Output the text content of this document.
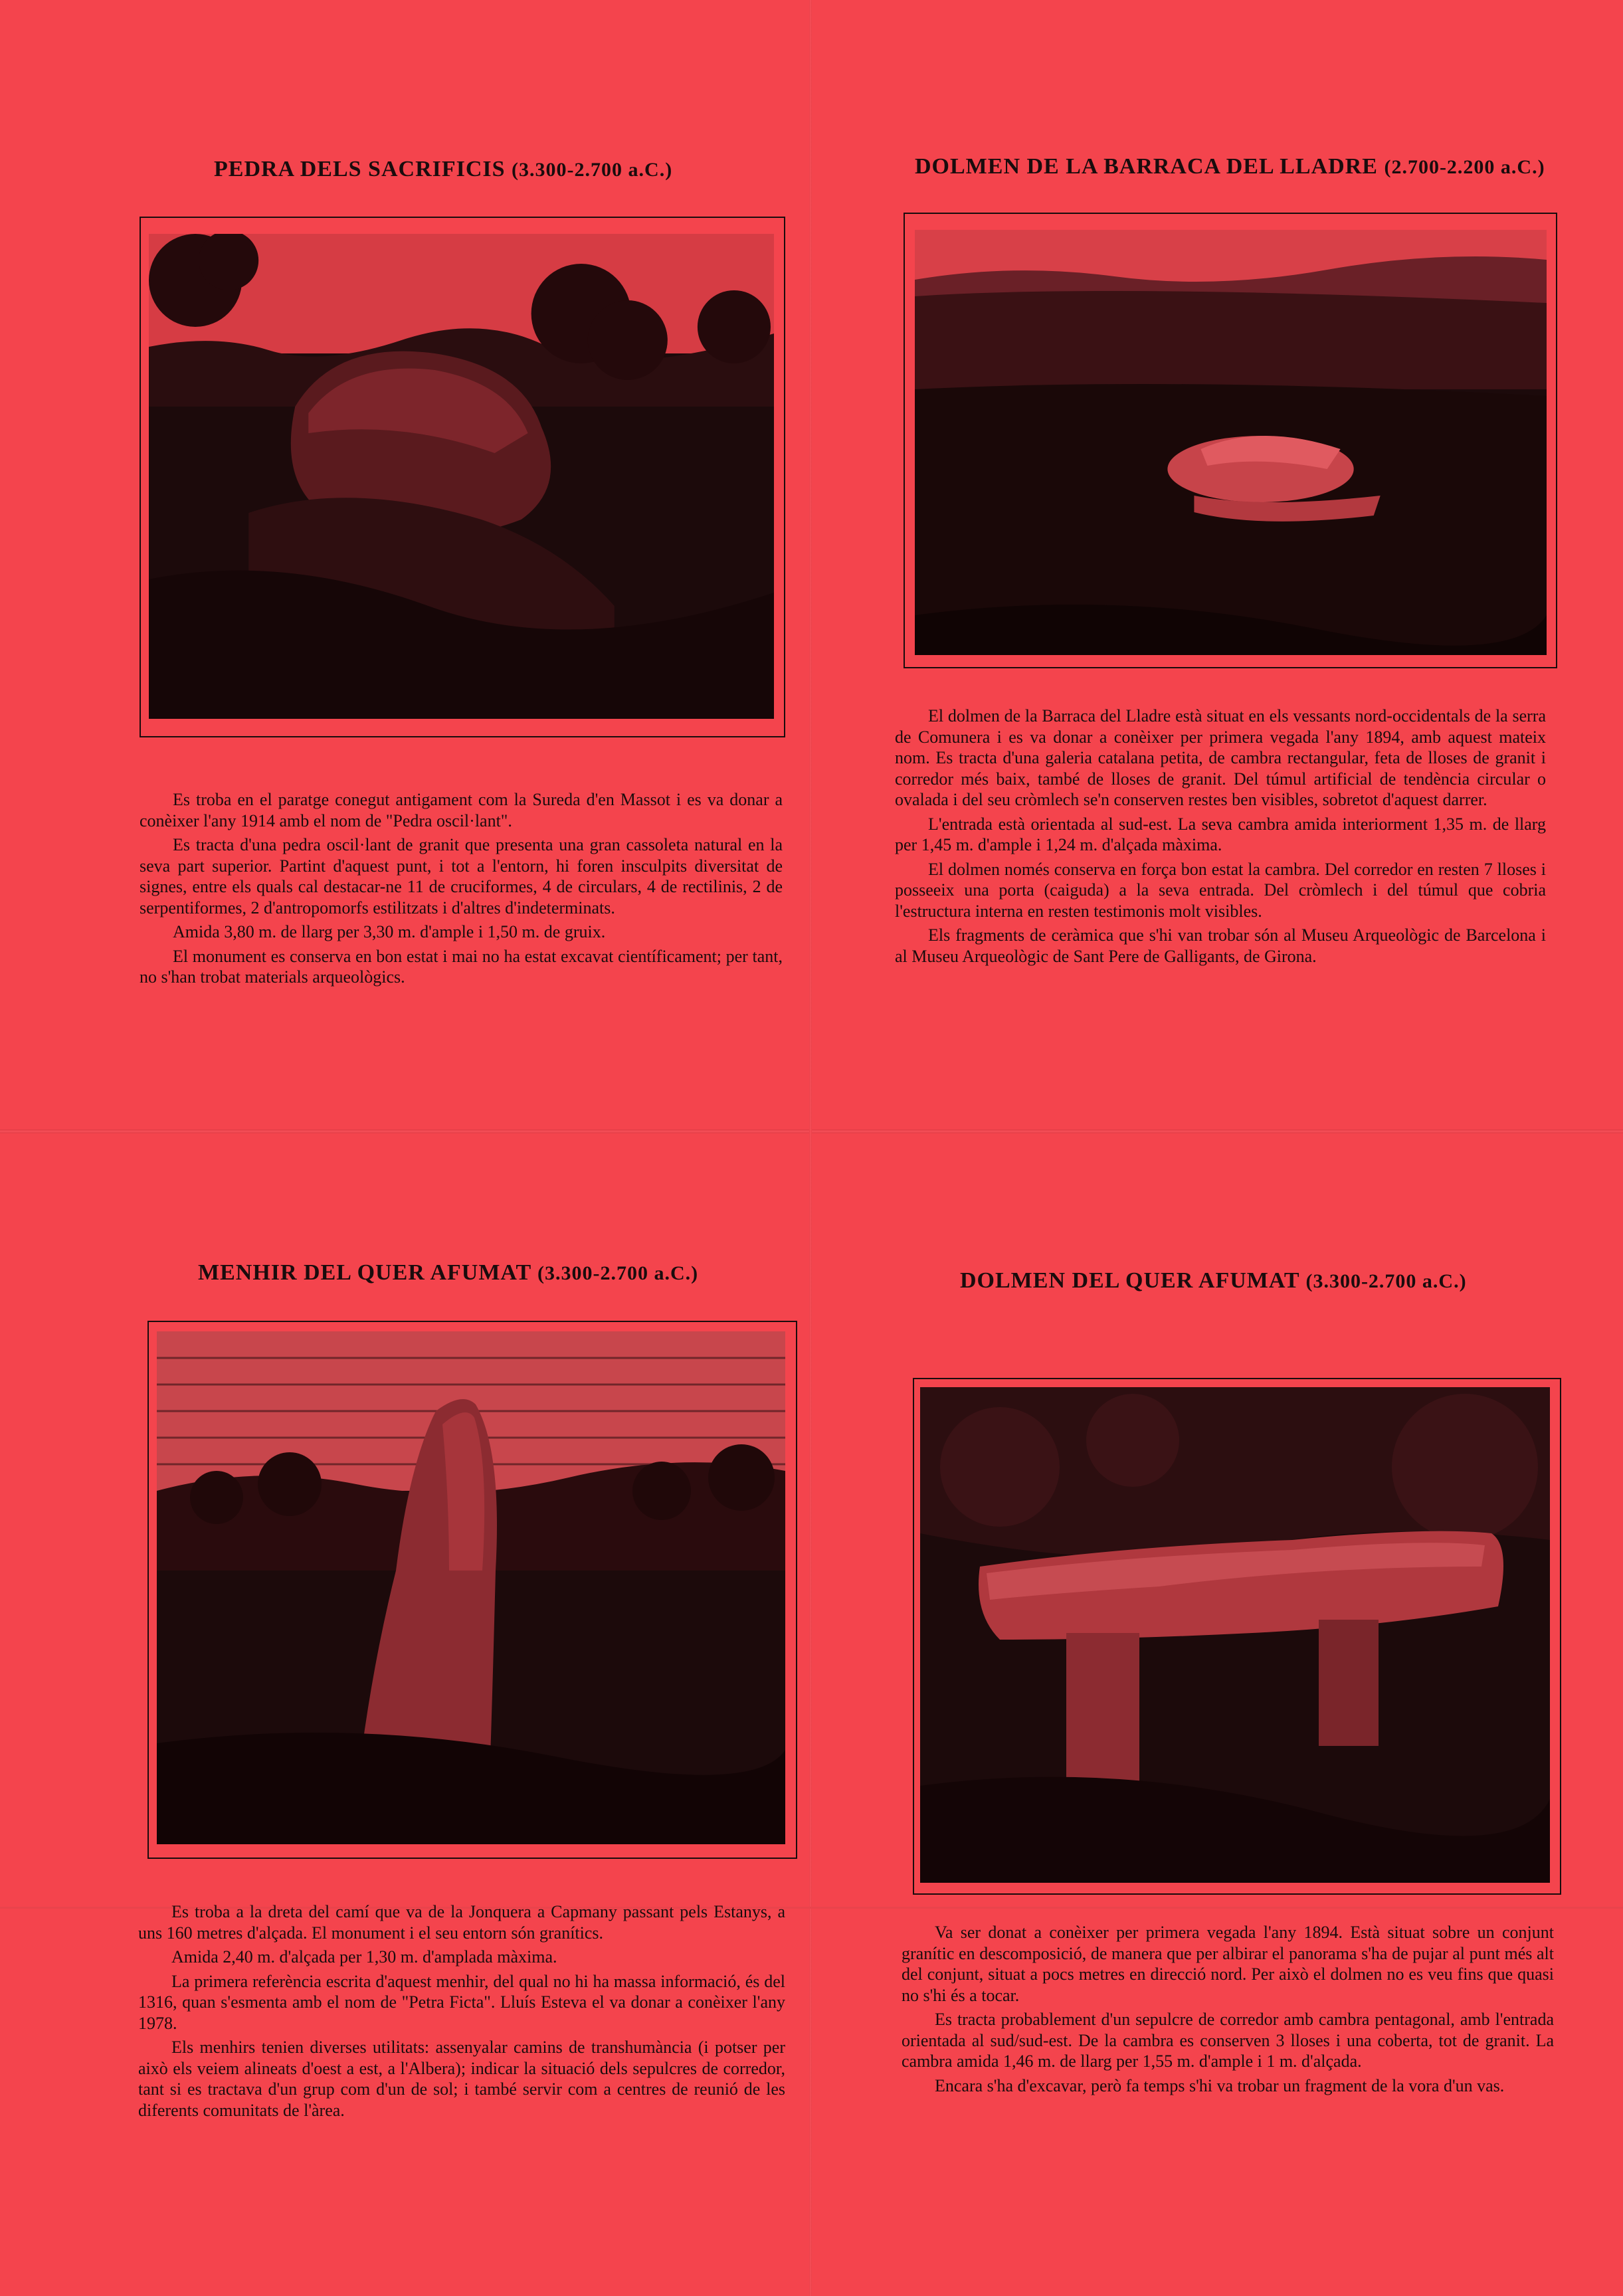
PEDRA DELS SACRIFICIS (3.300-2.700 a.C.)

Es troba en el paratge conegut antigament com la Sureda d'en Massot i es va donar a conèixer l'any 1914 amb el nom de "Pedra oscil·lant".

Es tracta d'una pedra oscil·lant de granit que presenta una gran cassoleta natural en la seva part superior. Partint d'aquest punt, i tot a l'entorn, hi foren insculpits diversitat de signes, entre els quals cal destacar-ne 11 de cruciformes, 4 de circulars, 4 de rectilinis, 2 de serpentiformes, 2 d'antropomorfs estilitzats i d'altres d'indeterminats.

Amida 3,80 m. de llarg per 3,30 m. d'ample i 1,50 m. de gruix.

El monument es conserva en bon estat i mai no ha estat excavat científicament; per tant, no s'han trobat materials arqueològics.

DOLMEN DE LA BARRACA DEL LLADRE (2.700-2.200 a.C.)

El dolmen de la Barraca del Lladre està situat en els vessants nord-occidentals de la serra de Comunera i es va donar a conèixer per primera vegada l'any 1894, amb aquest mateix nom. Es tracta d'una galeria catalana petita, de cambra rectangular, feta de lloses de granit i corredor més baix, també de lloses de granit. Del túmul artificial de tendència circular o ovalada i del seu cròmlech se'n conserven restes ben visibles, sobretot d'aquest darrer.

L'entrada està orientada al sud-est. La seva cambra amida interiorment 1,35 m. de llarg per 1,45 m. d'ample i 1,24 m. d'alçada màxima.

El dolmen només conserva en força bon estat la cambra. Del corredor en resten 7 lloses i posseeix una porta (caiguda) a la seva entrada. Del cròmlech i del túmul que cobria l'estructura interna en resten testimonis molt visibles.

Els fragments de ceràmica que s'hi van trobar són al Museu Arqueològic de Barcelona i al Museu Arqueològic de Sant Pere de Galligants, de Girona.

MENHIR DEL QUER AFUMAT (3.300-2.700 a.C.)

Es troba a la dreta del camí que va de la Jonquera a Capmany passant pels Estanys, a uns 160 metres d'alçada. El monument i el seu entorn són granítics.

Amida 2,40 m. d'alçada per 1,30 m. d'amplada màxima.

La primera referència escrita d'aquest menhir, del qual no hi ha massa informació, és del 1316, quan s'esmenta amb el nom de "Petra Ficta". Lluís Esteva el va donar a conèixer l'any 1978.

Els menhirs tenien diverses utilitats: assenyalar camins de transhumància (i potser per això els veiem alineats d'oest a est, a l'Albera); indicar la situació dels sepulcres de corredor, tant si es tractava d'un grup com d'un de sol; i també servir com a centres de reunió de les diferents comunitats de l'àrea.

DOLMEN DEL QUER AFUMAT (3.300-2.700 a.C.)

Va ser donat a conèixer per primera vegada l'any 1894. Està situat sobre un conjunt granític en descomposició, de manera que per albirar el panorama s'ha de pujar al punt més alt del conjunt, situat a pocs metres en direcció nord. Per això el dolmen no es veu fins que quasi no s'hi és a tocar.

Es tracta probablement d'un sepulcre de corredor amb cambra pentagonal, amb l'entrada orientada al sud/sud-est. De la cambra es conserven 3 lloses i una coberta, tot de granit. La cambra amida 1,46 m. de llarg per 1,55 m. d'ample i 1 m. d'alçada.

Encara s'ha d'excavar, però fa temps s'hi va trobar un fragment de la vora d'un vas.
